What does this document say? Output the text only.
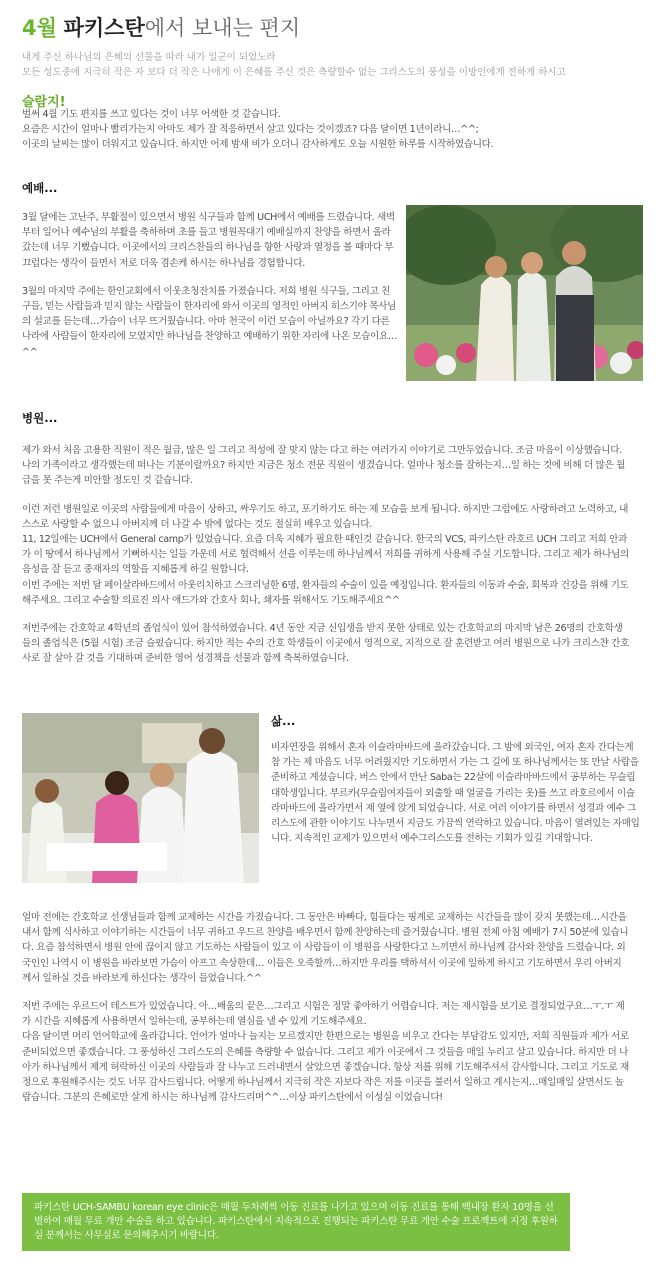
4월 파키스탄에서 보내는 편지
내게 주신 하나님의 은혜의 선물을 따라 내가 일군이 되었노라
모든 성도중에 지극히 작은 자 보다 더 작은 나에게 이 은혜를 주신 것은 측량할수 없는 그리스도의 풍성을 이방인에게 전하게 하시고
슬람지!
벌써 4월 기도 편지를 쓰고 있다는 것이 너무 어색한 것 같습니다.
요즘은 시간이 얼마나 빨리가는지 아마도 제가 잘 적응하면서 살고 있다는 것이겠죠? 다음 달이면 1년이라니…^^;
이곳의 날씨는 많이 더워지고 있습니다. 하지만 어제 밤새 비가 오더니 감사하게도 오늘 시원한 하루를 시작하였습니다.
예배...

3월 달에는 고난주, 부활절이 있으면서 병원 식구들과 함께 UCH에서 예배를 드렸습니다. 새벽부터 일어나 예수님의 부활을 축하하며 초를 들고 병원꼭대기 예배실까지 찬양을 하면서 올라갔는데 너무 기뻤습니다. 이곳에서의 크리스찬들의 하나님을 향한 사랑과 열정을 볼 때마다 부끄럽다는 생각이 들면서 저로 더욱 겸손케 하시는 하나님을 경험합니다.

3월의 마지막 주에는 한인교회에서 이웃초청잔치를 가졌습니다. 저희 병원 식구들, 그리고 친구들, 믿는 사람들과 믿지 않는 사람들이 한자리에 와서 이곳의 영적인 아버지 히스기야 목사님의 설교를 듣는데…가슴이 너무 뜨거웠습니다. 아마 천국이 이런 모습이 아닐까요? 각기 다른 나라에 사람들이 한자리에 모였지만 하나님을 찬양하고 예배하기 위한 자리에 나온 모습이요…^^

병원...

제가 와서 처음 고용한 직원이 적은 월급, 많은 일 그리고 적성에 잘 맞지 않는 다고 하는 여러가지 이야기로 그만두었습니다. 조금 마음이 이상했습니다. 나의 가족이라고 생각했는데 떠나는 기분이랄까요? 하지만 지금은 청소 전문 직원이 생겼습니다. 얼마나 청소를 잘하는지…일 하는 것에 비해 더 많은 월급을 못 주는게 미안할 정도인 것 같습니다.

이런 저런 병원일로 이곳의 사람들에게 마음이 상하고, 싸우기도 하고, 포기하기도 하는 제 모습을 보게 됩니다. 하지만 그럼에도 사랑하려고 노력하고, 내 스스로 사랑할 수 없으니 아버지께 더 나갈 수 밖에 없다는 것도 절실히 배우고 있습니다.
11, 12일에는 UCH에서 General camp가 있었습니다. 요즘 더욱 지혜가 필요한 때인것 같습니다. 한국의 VCS, 파키스탄 라호르 UCH 그리고 저희 안과가 이 땅에서 하나님께서 기뻐하시는 일들 가운데 서로 협력해서 선을 이루는데 하나님께서 저희를 귀하게 사용해 주실 기도합니다. 그리고 제가 하나님의 음성을 잘 듣고 중재자의 역할을 지혜롭게 하길 원합니다.
이번 주에는 저번 달 페이살라바드에서 아웃리치하고 스크리닝한 6명, 환자들의 수술이 있을 예정입니다. 환자들의 이동과 수술, 회복과 건강을 위해 기도해주세요. 그리고 수술할 의료진 의사 애드가와 간호사 회나, 쇄자를 위해서도 기도해주세요^^

저번주에는 간호학교 4학년의 졸업식이 있어 참석하였습니다. 4년 동안 지금 신입생을 받지 못한 상태로 있는 간호학교의 마지막 남은 26명의 간호학생들의 졸업식은 (5월 시험) 조금 슬펐습니다. 하지만 적는 수의 간호 학생들이 이곳에서 영적으로, 지적으로 잘 훈련받고 여러 병원으로 나가 크리스챤 간호사로 잘 살아 갈 것을 기대하며 준비한 영어 성경책을 선물과 함께 축복하였습니다.

삶...

비자연장을 위해서 혼자 이슬라마바드에 올라갔습니다. 그 밤에 외국인, 여자 혼자 간다는게 참 가는 제 마음도 너무 어려웠지만 기도하면서 가는 그 길에 또 하나님께서는 또 만날 사람을 준비하고 계셨습니다. 버스 안에서 만난 Saba는 22살에 이슬라마바드에서 공부하는 무슬림 대학생입니다. 부르카(무슬림여자들이 외출할 때 얼굴을 가리는 옷)를 쓰고 라호르에서 이슬라마바드에 올라가면서 제 옆에 앉게 되었습니다. 서로 여러 이야기를 하면서 성경과 예수 그리스도에 관한 이야기도 나누면서 지금도 가끔씩 연락하고 있습니다. 마음이 열려있는 자매입니다. 지속적인 교제가 있으면서 예수그리스도를 전하는 기회가 있길 기대합니다.

얼마 전에는 간호학교 선생님들과 함께 교제하는 시간을 가졌습니다. 그 동안은 바빠다, 힘들다는 핑계로 교제하는 시간들을 많이 갖지 못했는데…시간을 내서 함께 식사하고 이야기하는 시간들이 너무 귀하고 우드르 찬양을 배우면서 함께 찬양하는데 즐거웠습니다. 병원 전체 아침 예배가 7시 50분에 있습니다. 요즘 참석하면서 병원 안에 끊이지 않고 기도하는 사람들이 있고 이 사람들이 이 병원을 사랑한다고 느끼면서 하나님께 감사와 찬양을 드렸습니다. 외국인인 나역시 이 병원을 바라보면 가슴이 아프고 속상한데… 이들은 오죽할까…하지만 우리를 택하셔서 이곳에 일하게 하시고 기도하면서 우리 아버지께서 일하실 것을 바라보게 하신다는 생각이 들었습니다.^^

저번 주에는 우르드어 테스트가 있었습니다. 아…배움의 끝은…그리고 시험은 정말 좋아하기 어렵습니다. 저는 재시험을 보기로 결정되었구요…ㅜ.ㅜ 제가 시간을 지혜롭게 사용하면서 일하는데, 공부하는데 열심을 낼 수 있게 기도해주세요.
다음 달이면 머리 언어학교에 올라갑니다. 언어가 얼마나 늘지는 모르겠지만 한편으로는 병원을 비우고 간다는 부담감도 있지만, 저희 직원들과 제가 서로 준비되었으면 좋겠습니다. 그 풍성하신 그리스도의 은혜를 측량할 수 없습니다. 그리고 제가 이곳에서 그 것들을 매일 누리고 살고 있습니다. 하지만 더 나아가 하나님께서 제게 허락하신 이곳의 사람들과 잘 나누고 드러내면서 살았으면 좋겠습니다. 항상 저를 위해 기도해주셔서 감사합니다. 그리고 기도로 재정으로 후원해주시는 것도 너무 감사드립니다. 어떻게 하나님께서 지극히 작은 자보다 작은 저를 이곳을 불러서 일하고 계시는지…매일매일 살면서도 놀랍습니다. 그분의 은혜로만 살게 하시는 하나님께 감사드리며^^…이상 파키스탄에서 이성실 이었습니다!

파키스탄 UCH-SAMBU korean eye clinic은 매월 두차례씩 이동 진료를 나가고 있으며 이동 진료를 통해 백내장 환자 10명을 선별하여 매월 무료 개안 수술을 하고 있습니다. 파키스탄에서 지속적으로 진행되는 파키스탄 무료 개안 수술 프로젝트에 지정 후원하실 분께서는 사무실로 문의해주시기 바랍니다.
Tel: 02-319-2050, mail:vcs@vcs2020.org
